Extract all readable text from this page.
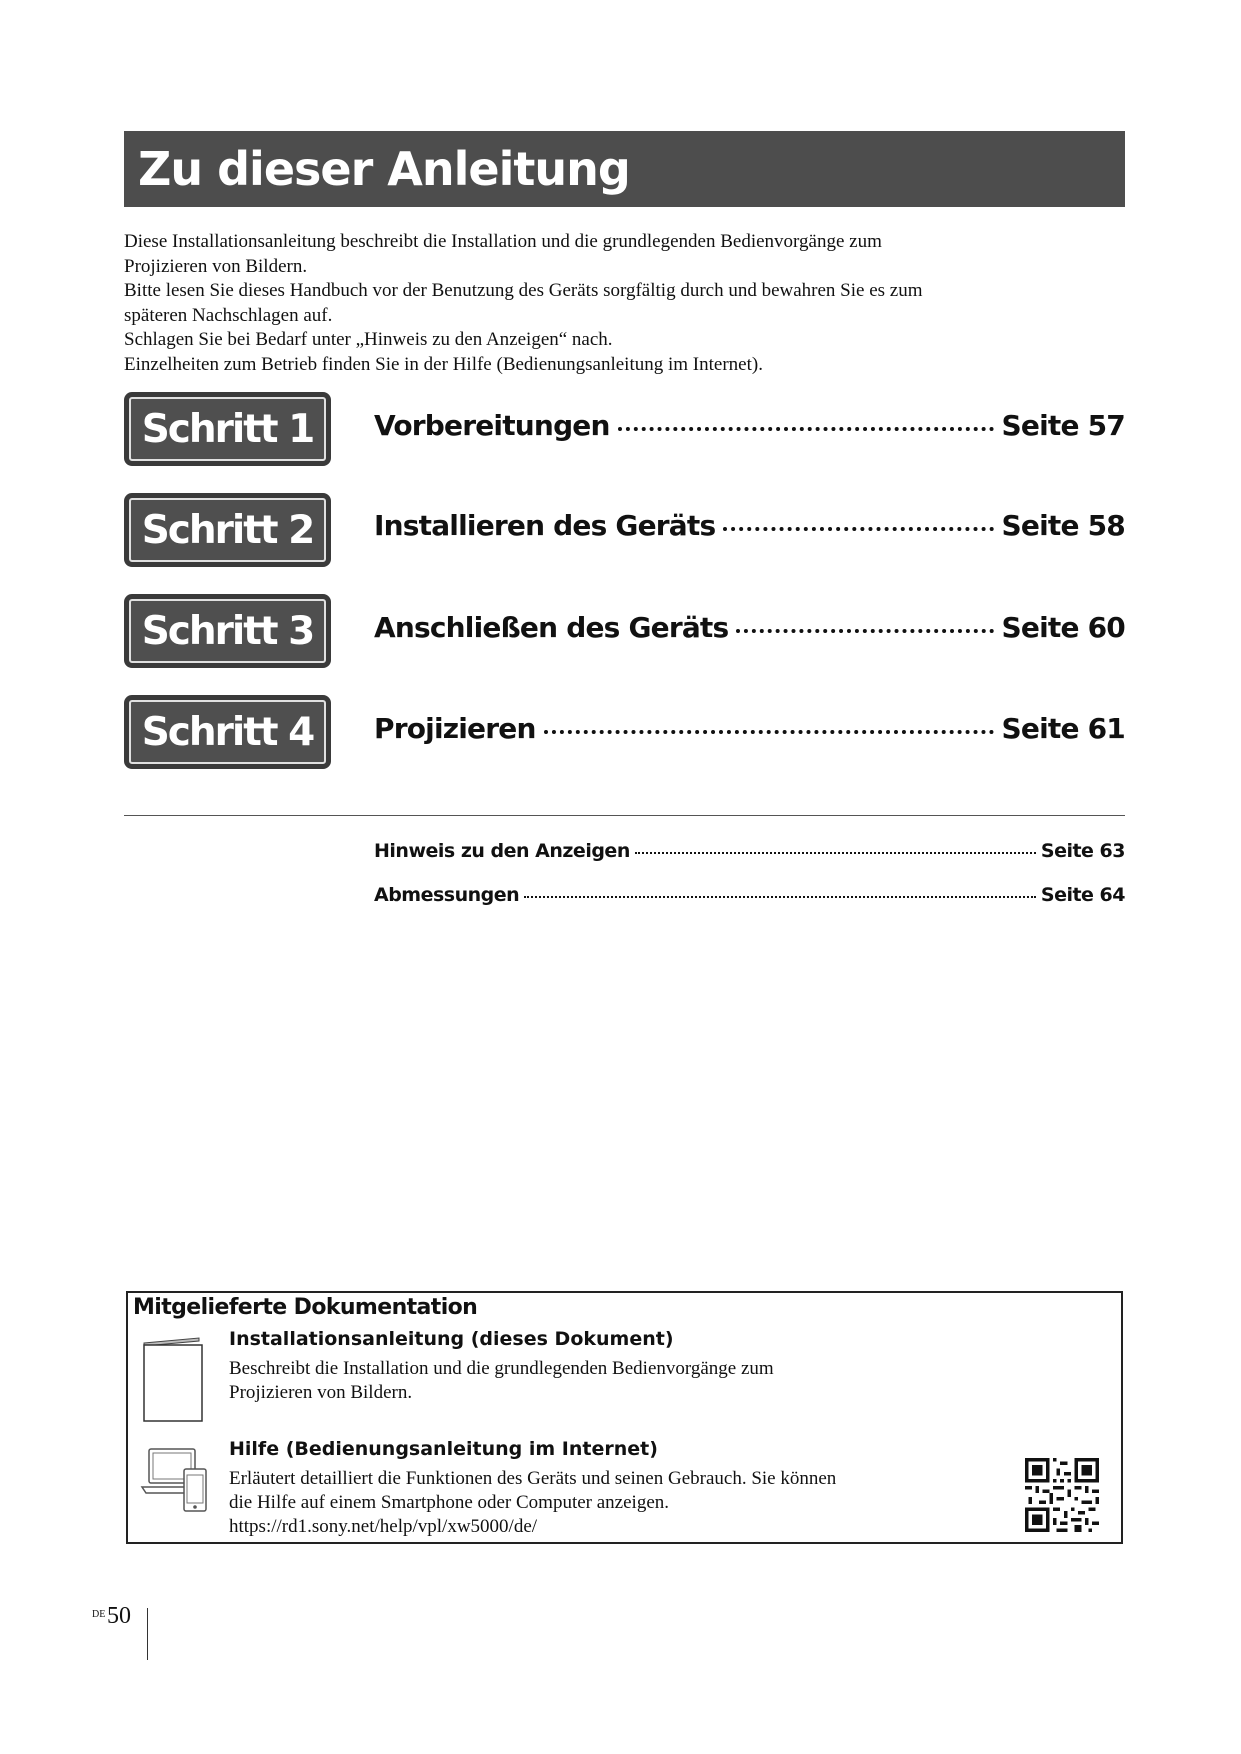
Zu dieser Anleitung

Diese Installationsanleitung beschreibt die Installation und die grundlegenden Bedienvorgänge zum

Projizieren von Bildern.

Bitte lesen Sie dieses Handbuch vor der Benutzung des Geräts sorgfältig durch und bewahren Sie es zum

späteren Nachschlagen auf.

Schlagen Sie bei Bedarf unter „Hinweis zu den Anzeigen“ nach.

Einzelheiten zum Betrieb finden Sie in der Hilfe (Bedienungsanleitung im Internet).

Schritt 1 Vorbereitungen	Seite 57
Schritt 2 Installieren des Geräts	Seite 58
Schritt 3 Anschließen des Geräts	Seite 60
Schritt 4 Projizieren	Seite 61
Hinweis zu den Anzeigen	Seite 63
Abmessungen	Seite 64
Mitgelieferte Dokumentation
Installationsanleitung (dieses Dokument)

Beschreibt die Installation und die grundlegenden Bedienvorgänge zum

Projizieren von Bildern.

Hilfe (Bedienungsanleitung im Internet)

Erläutert detailliert die Funktionen des Geräts und seinen Gebrauch. Sie können

die Hilfe auf einem Smartphone oder Computer anzeigen.

https://rd1.sony.net/help/vpl/xw5000/de/

DE 50
